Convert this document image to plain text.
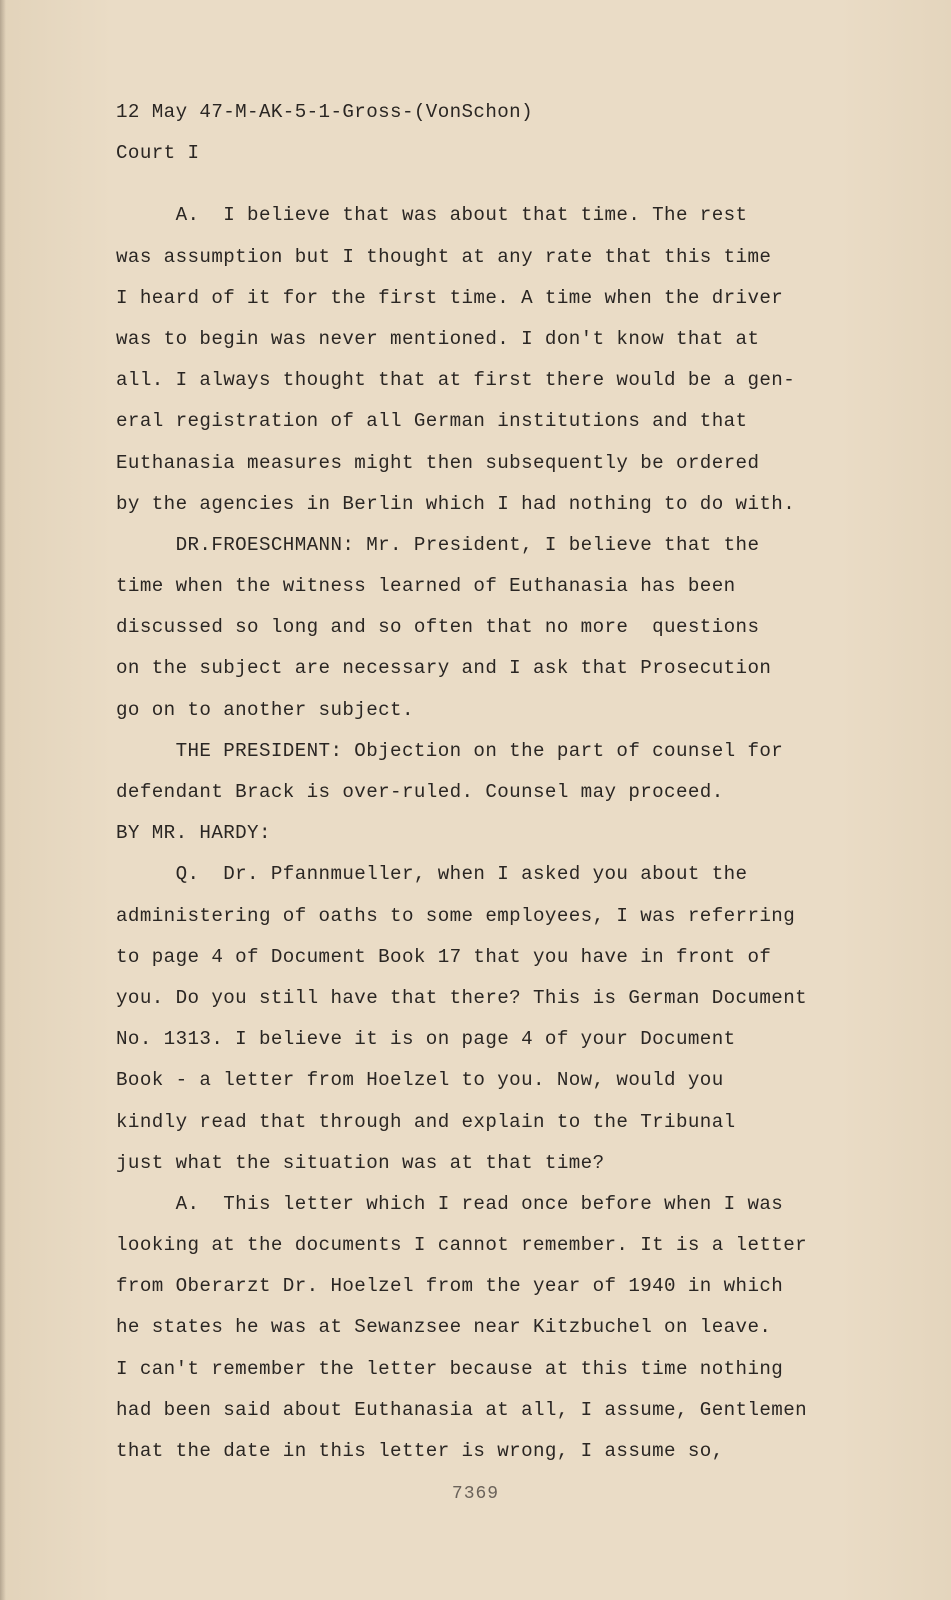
12 May 47-M-AK-5-1-Gross-(VonSchon)
Court I
A.  I believe that was about that time. The rest
was assumption but I thought at any rate that this time
I heard of it for the first time. A time when the driver
was to begin was never mentioned. I don't know that at
all. I always thought that at first there would be a gen-
eral registration of all German institutions and that
Euthanasia measures might then subsequently be ordered
by the agencies in Berlin which I had nothing to do with.
DR.FROESCHMANN: Mr. President, I believe that the
time when the witness learned of Euthanasia has been
discussed so long and so often that no more  questions
on the subject are necessary and I ask that Prosecution
go on to another subject.
THE PRESIDENT: Objection on the part of counsel for
defendant Brack is over-ruled. Counsel may proceed.
BY MR. HARDY:
Q.  Dr. Pfannmueller, when I asked you about the
administering of oaths to some employees, I was referring
to page 4 of Document Book 17 that you have in front of
you. Do you still have that there? This is German Document
No. 1313. I believe it is on page 4 of your Document
Book - a letter from Hoelzel to you. Now, would you
kindly read that through and explain to the Tribunal
just what the situation was at that time?
A.  This letter which I read once before when I was
looking at the documents I cannot remember. It is a letter
from Oberarzt Dr. Hoelzel from the year of 1940 in which
he states he was at Sewanzsee near Kitzbuchel on leave.
I can't remember the letter because at this time nothing
had been said about Euthanasia at all, I assume, Gentlemen
that the date in this letter is wrong, I assume so,
7369
